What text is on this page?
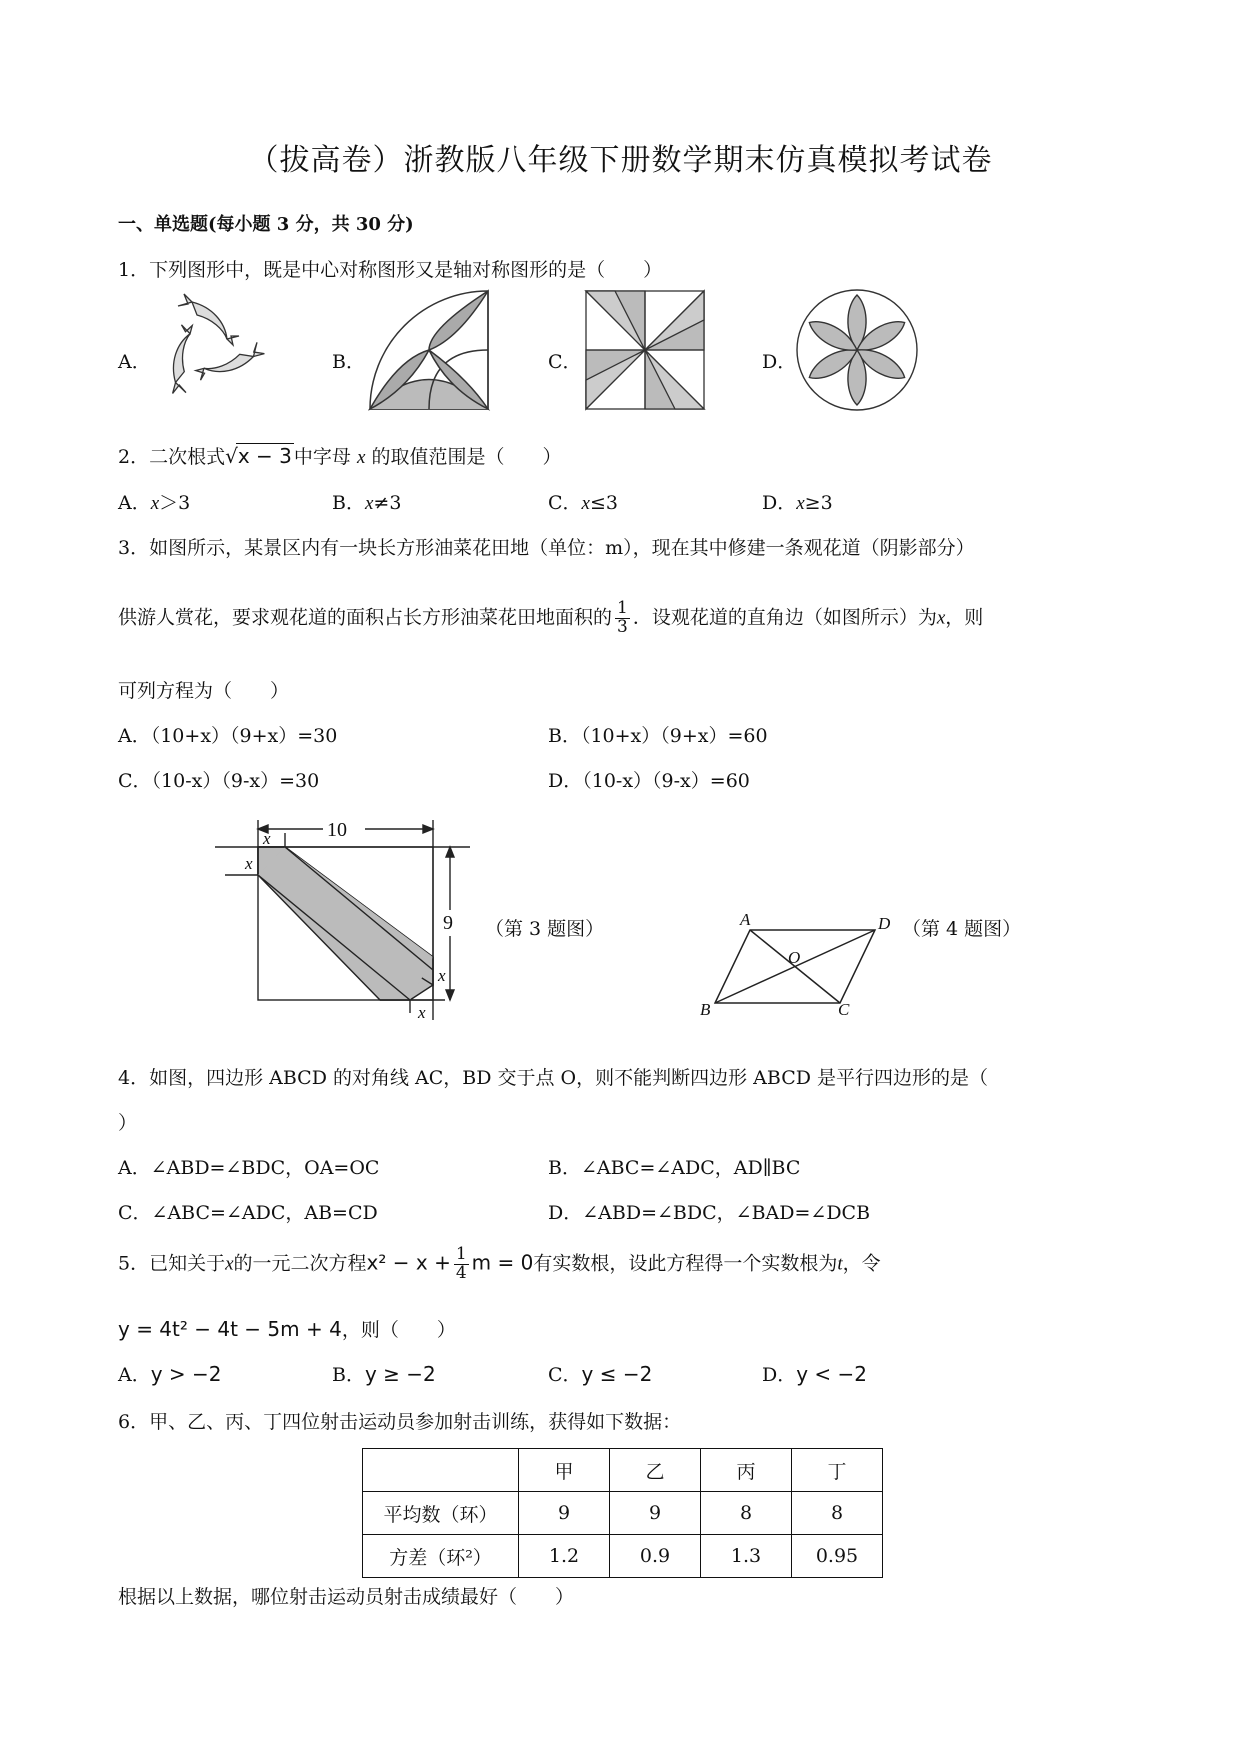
（拔高卷）浙教版八年级下册数学期末仿真模拟考试卷
一、单选题(每小题 3 分，共 30 分)
1．下列图形中，既是中心对称图形又是轴对称图形的是（　　）
A．	B．	C．	D．
2．二次根式√x − 3 中字母 x 的取值范围是（　　）
A．x＞3	B．x≠3	C．x≤3	D．x≥3
3．如图所示，某景区内有一块长方形油菜花田地（单位：m），现在其中修建一条观花道（阴影部分）
供游人赏花，要求观花道的面积占长方形油菜花田地面积的 $\frac{1}{3}$ ．设观花道的直角边（如图所示）为x，则
可列方程为（　　）
A．（10+x）（9+x）=30	B．（10+x）（9+x）=60
C．（10-x）（9-x）=30	D．（10-x）（9-x）=60
10
9
x
x
x
x
（第 3 题图）	A	D
O
B	C
（第 4 题图）
4．如图，四边形 ABCD 的对角线 AC，BD 交于点 O，则不能判断四边形 ABCD 是平行四边形的是（
）
A．∠ABD=∠BDC，OA=OC	B．∠ABC=∠ADC，AD∥BC
C．∠ABC=∠ADC，AB=CD	D．∠ABD=∠BDC，∠BAD=∠DCB
5．已知关于x的一元二次方程$x^2 - x + \frac{1}{4}$ m = 0有实数根，设此方程得一个实数根为t，令
y = 4t² − 4t − 5m + 4，则（　　）
A．y > −2	B．y ≥ −2	C．y ≤ −2	D．y < −2
6．甲、乙、丙、丁四位射击运动员参加射击训练，获得如下数据：
	甲	乙	丙	丁
平均数（环）	9	9	8	8
方差（环²）	1.2	0.9	1.3	0.95
根据以上数据，哪位射击运动员射击成绩最好（　　）
